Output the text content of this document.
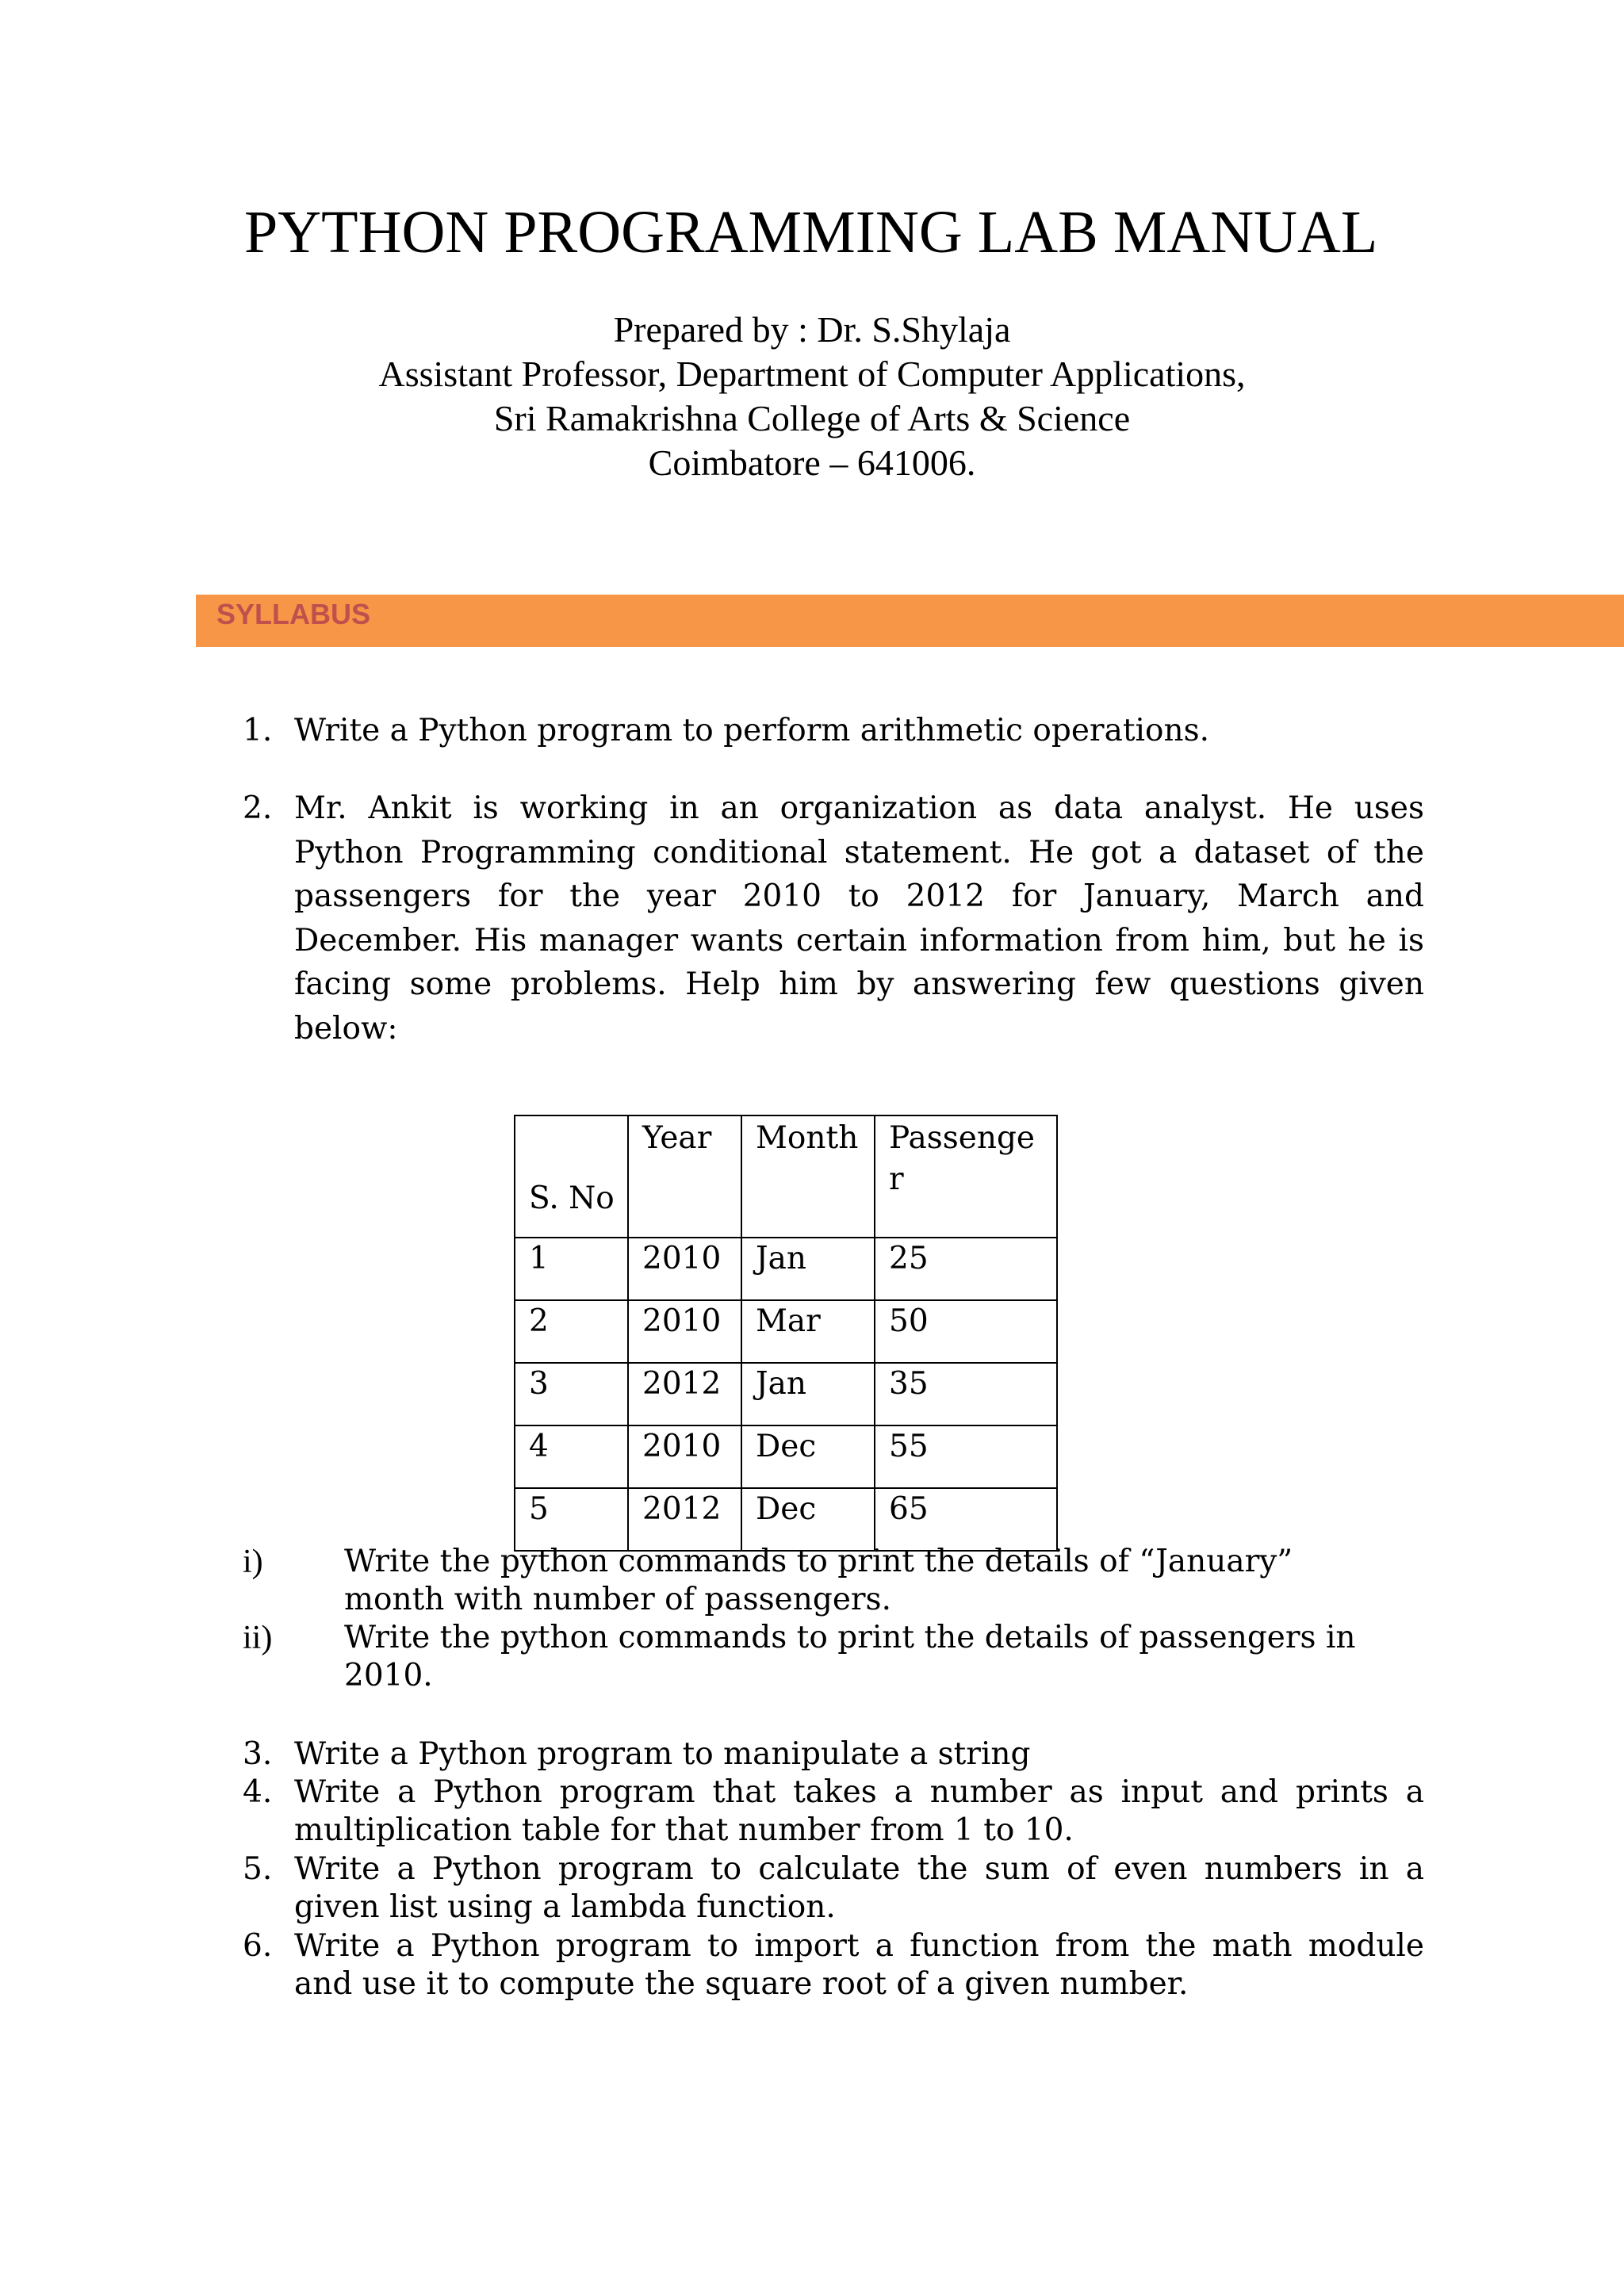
PYTHON PROGRAMMING LAB MANUAL
Prepared by : Dr. S.Shylaja
Assistant Professor, Department of Computer Applications,
Sri Ramakrishna College of Arts & Science
Coimbatore – 641006.
SYLLABUS
1. Write a Python program to perform arithmetic operations.
2. Mr. Ankit is working in an organization as data analyst. He uses
Python Programming conditional statement. He got a dataset of the
passengers for the year 2010 to 2012 for January, March and
December. His manager wants certain information from him, but he is
facing some problems. Help him by answering few questions given
below:
S. No	Year	Month	Passenge
r

1	2010	Jan	25
2	2010	Mar	50
3	2012	Jan	35
4	2010	Dec	55
5	2012	Dec	65
i)	Write the python commands to print the details of “January”
month with number of passengers.
ii) Write the python commands to print the details of passengers in
2010.
3. Write a Python program to manipulate a string
4. Write a Python program that takes a number as input and prints a
multiplication table for that number from 1 to 10.
5. Write a Python program to calculate the sum of even numbers in a
given list using a lambda function.
6. Write a Python program to import a function from the math module
and use it to compute the square root of a given number.
